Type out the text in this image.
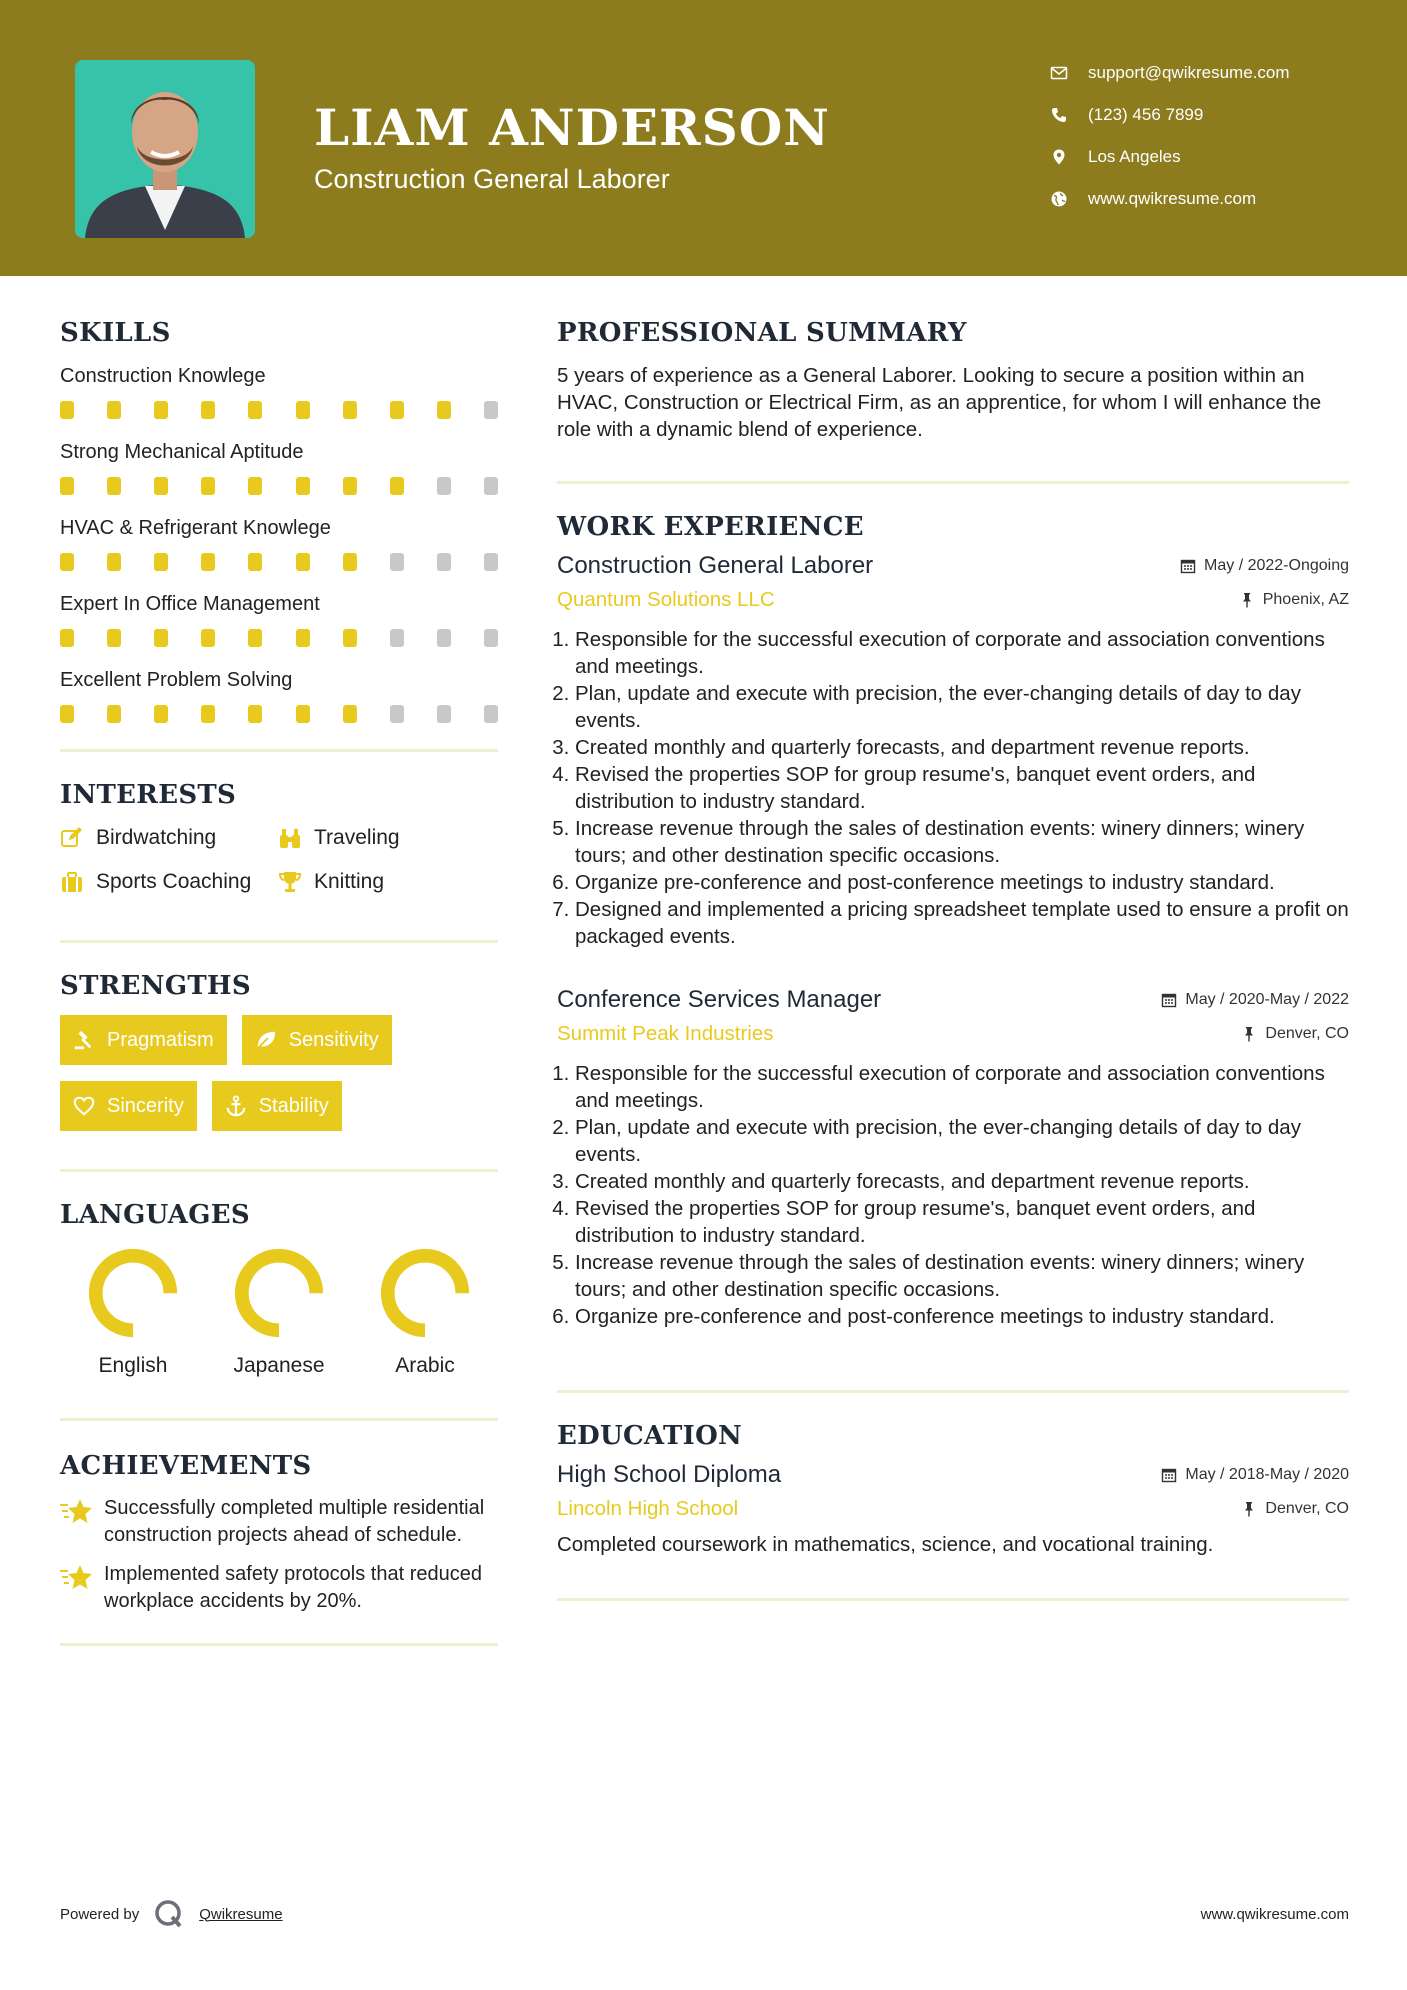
LIAM ANDERSON
Construction General Laborer
support@qwikresume.com
(123) 456 7899
Los Angeles
www.qwikresume.com
SKILLS
Construction Knowlege
Strong Mechanical Aptitude
HVAC & Refrigerant Knowlege
Expert In Office Management
Excellent Problem Solving
INTERESTS
Birdwatching	Traveling
Sports Coaching	Knitting
STRENGTHS
Pragmatism	Sensitivity
Sincerity	Stability
LANGUAGES
English	Japanese	Arabic
ACHIEVEMENTS
Successfully completed multiple residential construction projects ahead of schedule.
Implemented safety protocols that reduced workplace accidents by 20%.
PROFESSIONAL SUMMARY

5 years of experience as a General Laborer. Looking to secure a position within an HVAC, Construction or Electrical Firm, as an apprentice, for whom I will enhance the role with a dynamic blend of experience.

WORK EXPERIENCE
Construction General Laborer	May / 2022-Ongoing
Quantum Solutions LLC	Phoenix, AZ
1. Responsible for the successful execution of corporate and association conventions and meetings.
2. Plan, update and execute with precision, the ever-changing details of day to day events.
3. Created monthly and quarterly forecasts, and department revenue reports.
4. Revised the properties SOP for group resume's, banquet event orders, and distribution to industry standard.
5. Increase revenue through the sales of destination events: winery dinners; winery tours; and other destination specific occasions.
6. Organize pre-conference and post-conference meetings to industry standard.
7. Designed and implemented a pricing spreadsheet template used to ensure a profit on packaged events.
Conference Services Manager	May / 2020-May / 2022
Summit Peak Industries	Denver, CO
1. Responsible for the successful execution of corporate and association conventions and meetings.
2. Plan, update and execute with precision, the ever-changing details of day to day events.
3. Created monthly and quarterly forecasts, and department revenue reports.
4. Revised the properties SOP for group resume's, banquet event orders, and distribution to industry standard.
5. Increase revenue through the sales of destination events: winery dinners; winery tours; and other destination specific occasions.
6. Organize pre-conference and post-conference meetings to industry standard.
EDUCATION
High School Diploma	May / 2018-May / 2020
Lincoln High School	Denver, CO

Completed coursework in mathematics, science, and vocational training.

Powered by	Qwikresume	www.qwikresume.com
